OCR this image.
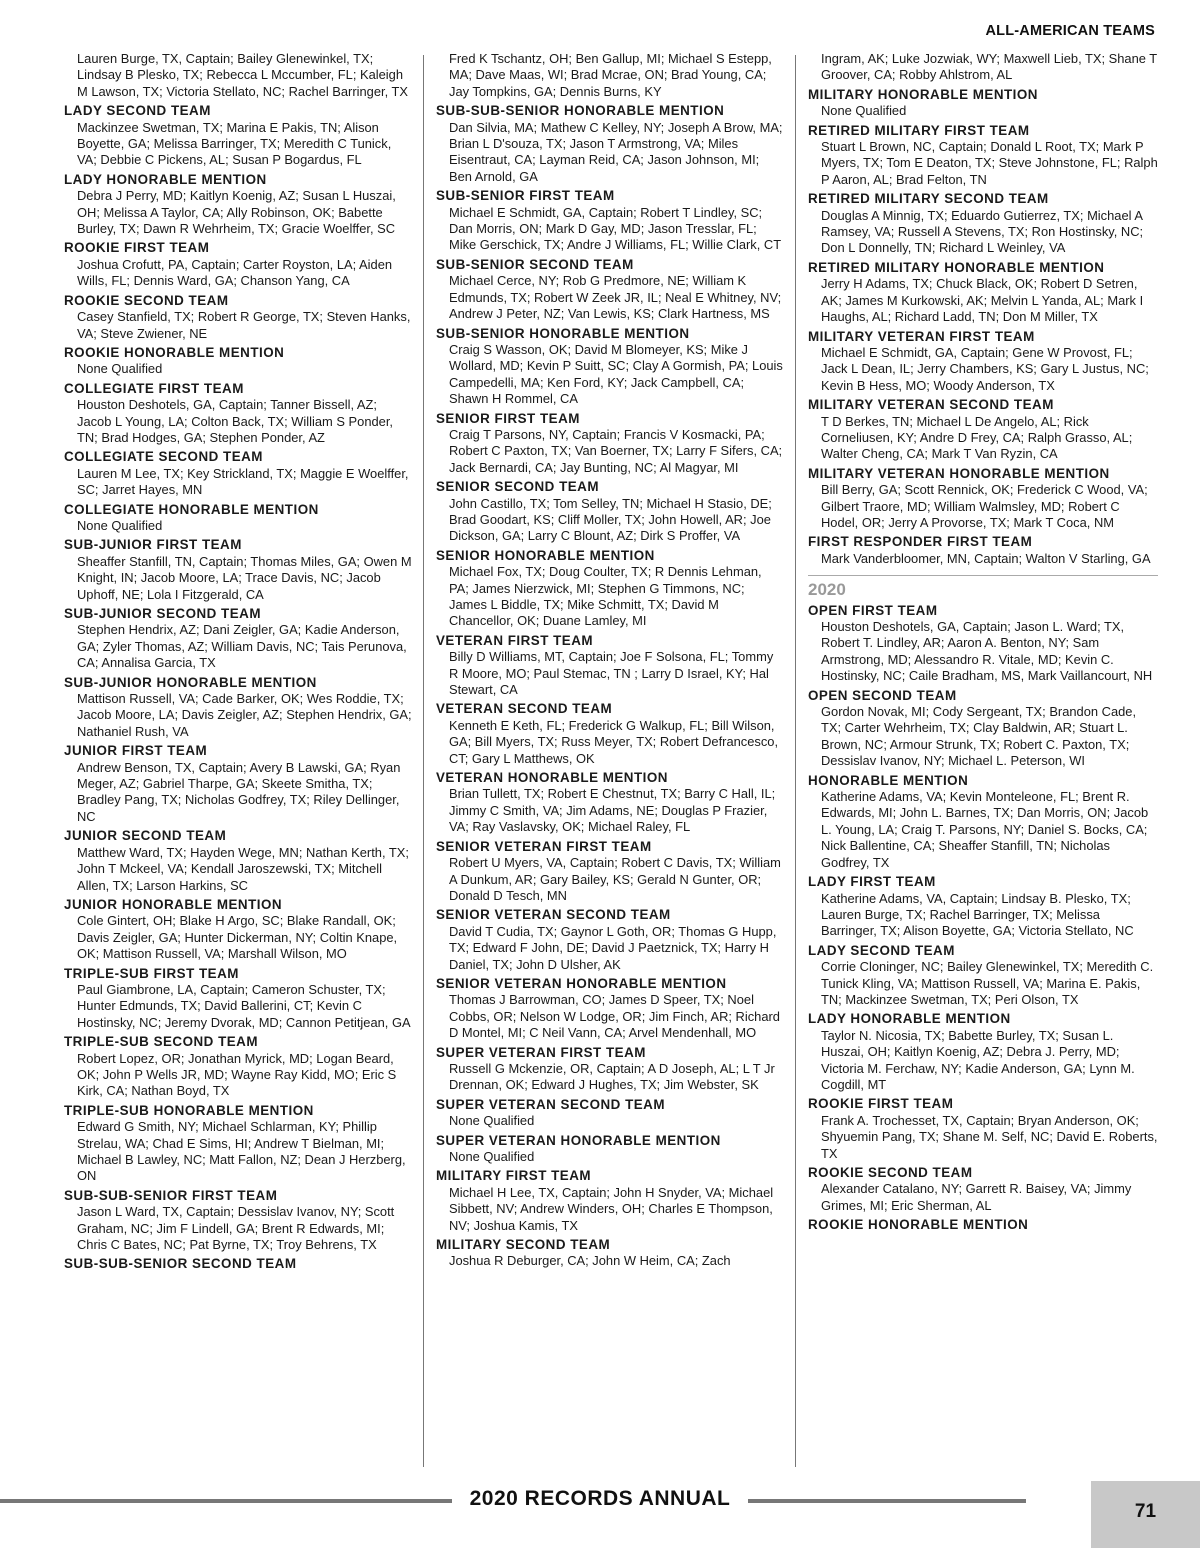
ALL-AMERICAN TEAMS
Lauren Burge, TX, Captain; Bailey Glenewinkel, TX; Lindsay B Plesko, TX; Rebecca L Mccumber, FL; Kaleigh M Lawson, TX; Victoria Stellato, NC; Rachel Barringer, TX
LADY SECOND TEAM
Mackinzee Swetman, TX; Marina E Pakis, TN; Alison Boyette, GA; Melissa Barringer, TX; Meredith C Tunick, VA; Debbie C Pickens, AL; Susan P Bogardus, FL
LADY HONORABLE MENTION
Debra J Perry, MD; Kaitlyn Koenig, AZ; Susan L Huszai, OH; Melissa A Taylor, CA; Ally Robinson, OK; Babette Burley, TX; Dawn R Wehrheim, TX; Gracie Woelffer, SC
ROOKIE FIRST TEAM
Joshua Crofutt, PA, Captain; Carter Royston, LA; Aiden Wills, FL; Dennis Ward, GA; Chanson Yang, CA
ROOKIE SECOND TEAM
Casey Stanfield, TX; Robert R George, TX; Steven Hanks, VA; Steve Zwiener, NE
ROOKIE HONORABLE MENTION
None Qualified
COLLEGIATE FIRST TEAM
Houston Deshotels, GA, Captain; Tanner Bissell, AZ; Jacob L Young, LA; Colton Back, TX; William S Ponder, TN; Brad Hodges, GA; Stephen Ponder, AZ
COLLEGIATE SECOND TEAM
Lauren M Lee, TX; Key Strickland, TX; Maggie E Woelffer, SC; Jarret Hayes, MN
COLLEGIATE HONORABLE MENTION
None Qualified
SUB-JUNIOR FIRST TEAM
Sheaffer Stanfill, TN, Captain; Thomas Miles, GA; Owen M Knight, IN; Jacob Moore, LA; Trace Davis, NC; Jacob Uphoff, NE; Lola I Fitzgerald, CA
SUB-JUNIOR SECOND TEAM
Stephen Hendrix, AZ; Dani Zeigler, GA; Kadie Anderson, GA; Zyler Thomas, AZ; William Davis, NC; Tais Perunova, CA; Annalisa Garcia, TX
SUB-JUNIOR HONORABLE MENTION
Mattison Russell, VA; Cade Barker, OK; Wes Roddie, TX; Jacob Moore, LA; Davis Zeigler, AZ; Stephen Hendrix, GA; Nathaniel Rush, VA
JUNIOR FIRST TEAM
Andrew Benson, TX, Captain; Avery B Lawski, GA; Ryan Meger, AZ; Gabriel Tharpe, GA; Skeete Smitha, TX; Bradley Pang, TX; Nicholas Godfrey, TX; Riley Dellinger, NC
JUNIOR SECOND TEAM
Matthew Ward, TX; Hayden Wege, MN; Nathan Kerth, TX; John T Mckeel, VA; Kendall Jaroszewski, TX; Mitchell Allen, TX; Larson Harkins, SC
JUNIOR HONORABLE MENTION
Cole Gintert, OH; Blake H Argo, SC; Blake Randall, OK; Davis Zeigler, GA; Hunter Dickerman, NY; Coltin Knape, OK; Mattison Russell, VA; Marshall Wilson, MO
TRIPLE-SUB FIRST TEAM
Paul Giambrone, LA, Captain; Cameron Schuster, TX; Hunter Edmunds, TX; David Ballerini, CT; Kevin C Hostinsky, NC; Jeremy Dvorak, MD; Cannon Petitjean, GA
TRIPLE-SUB SECOND TEAM
Robert Lopez, OR; Jonathan Myrick, MD; Logan Beard, OK; John P Wells JR, MD; Wayne Ray Kidd, MO; Eric S Kirk, CA; Nathan Boyd, TX
TRIPLE-SUB HONORABLE MENTION
Edward G Smith, NY; Michael Schlarman, KY; Phillip Strelau, WA; Chad E Sims, HI; Andrew T Bielman, MI; Michael B Lawley, NC; Matt Fallon, NZ; Dean J Herzberg, ON
SUB-SUB-SENIOR FIRST TEAM
Jason L Ward, TX, Captain; Dessislav Ivanov, NY; Scott Graham, NC; Jim F Lindell, GA; Brent R Edwards, MI; Chris C Bates, NC; Pat Byrne, TX; Troy Behrens, TX
SUB-SUB-SENIOR SECOND TEAM
Fred K Tschantz, OH; Ben Gallup, MI; Michael S Estepp, MA; Dave Maas, WI; Brad Mcrae, ON; Brad Young, CA; Jay Tompkins, GA; Dennis Burns, KY
SUB-SUB-SENIOR HONORABLE MENTION
Dan Silvia, MA; Mathew C Kelley, NY; Joseph A Brow, MA; Brian L D'souza, TX; Jason T Armstrong, VA; Miles Eisentraut, CA; Layman Reid, CA; Jason Johnson, MI; Ben Arnold, GA
SUB-SENIOR FIRST TEAM
Michael E Schmidt, GA, Captain; Robert T Lindley, SC; Dan Morris, ON; Mark D Gay, MD; Jason Tresslar, FL; Mike Gerschick, TX; Andre J Williams, FL; Willie Clark, CT
SUB-SENIOR SECOND TEAM
Michael Cerce, NY; Rob G Predmore, NE; William K Edmunds, TX; Robert W Zeek JR, IL; Neal E Whitney, NV; Andrew J Peter, NZ; Van Lewis, KS; Clark Hartness, MS
SUB-SENIOR HONORABLE MENTION
Craig S Wasson, OK; David M Blomeyer, KS; Mike J Wollard, MD; Kevin P Suitt, SC; Clay A Gormish, PA; Louis Campedelli, MA; Ken Ford, KY; Jack Campbell, CA; Shawn H Rommel, CA
SENIOR FIRST TEAM
Craig T Parsons, NY, Captain; Francis V Kosmacki, PA; Robert C Paxton, TX; Van Boerner, TX; Larry F Sifers, CA; Jack Bernardi, CA; Jay Bunting, NC; Al Magyar, MI
SENIOR SECOND TEAM
John Castillo, TX; Tom Selley, TN; Michael H Stasio, DE; Brad Goodart, KS; Cliff Moller, TX; John Howell, AR; Joe Dickson, GA; Larry C Blount, AZ; Dirk S Proffer, VA
SENIOR HONORABLE MENTION
Michael Fox, TX; Doug Coulter, TX; R Dennis Lehman, PA; James Nierzwick, MI; Stephen G Timmons, NC; James L Biddle, TX; Mike Schmitt, TX; David M Chancellor, OK; Duane Lamley, MI
VETERAN FIRST TEAM
Billy D Williams, MT, Captain; Joe F Solsona, FL; Tommy R Moore, MO; Paul Stemac, TN ; Larry D Israel, KY; Hal Stewart, CA
VETERAN SECOND TEAM
Kenneth E Keth, FL; Frederick G Walkup, FL; Bill Wilson, GA; Bill Myers, TX; Russ Meyer, TX; Robert Defrancesco, CT; Gary L Matthews, OK
VETERAN HONORABLE MENTION
Brian Tullett, TX; Robert E Chestnut, TX; Barry C Hall, IL; Jimmy C Smith, VA; Jim Adams, NE; Douglas P Frazier, VA; Ray Vaslavsky, OK; Michael Raley, FL
SENIOR VETERAN FIRST TEAM
Robert U Myers, VA, Captain; Robert C Davis, TX; William A Dunkum, AR; Gary Bailey, KS; Gerald N Gunter, OR; Donald D Tesch, MN
SENIOR VETERAN SECOND TEAM
David T Cudia, TX; Gaynor L Goth, OR; Thomas G Hupp, TX; Edward F John, DE; David J Paetznick, TX; Harry H Daniel, TX; John D Ulsher, AK
SENIOR VETERAN HONORABLE MENTION
Thomas J Barrowman, CO; James D Speer, TX; Noel Cobbs, OR; Nelson W Lodge, OR; Jim Finch, AR; Richard D Montel, MI; C Neil Vann, CA; Arvel Mendenhall, MO
SUPER VETERAN FIRST TEAM
Russell G Mckenzie, OR, Captain; A D Joseph, AL; L T Jr Drennan, OK; Edward J Hughes, TX; Jim Webster, SK
SUPER VETERAN SECOND TEAM
None Qualified
SUPER VETERAN HONORABLE MENTION
None Qualified
MILITARY FIRST TEAM
Michael H Lee, TX, Captain; John H Snyder, VA; Michael Sibbett, NV; Andrew Winders, OH; Charles E Thompson, NV; Joshua Kamis, TX
MILITARY SECOND TEAM
Joshua R Deburger, CA; John W Heim, CA; Zach
Ingram, AK; Luke Jozwiak, WY; Maxwell Lieb, TX; Shane T Groover, CA; Robby Ahlstrom, AL
MILITARY HONORABLE MENTION
None Qualified
RETIRED MILITARY FIRST TEAM
Stuart L Brown, NC, Captain; Donald L Root, TX; Mark P Myers, TX; Tom E Deaton, TX; Steve Johnstone, FL; Ralph P Aaron, AL; Brad Felton, TN
RETIRED MILITARY SECOND TEAM
Douglas A Minnig, TX; Eduardo Gutierrez, TX; Michael A Ramsey, VA; Russell A Stevens, TX; Ron Hostinsky, NC; Don L Donnelly, TN; Richard L Weinley, VA
RETIRED MILITARY HONORABLE MENTION
Jerry H Adams, TX; Chuck Black, OK; Robert D Setren, AK; James M Kurkowski, AK; Melvin L Yanda, AL; Mark I Haughs, AL; Richard Ladd, TN; Don M Miller, TX
MILITARY VETERAN FIRST TEAM
Michael E Schmidt, GA, Captain; Gene W Provost, FL; Jack L Dean, IL; Jerry Chambers, KS; Gary L Justus, NC; Kevin B Hess, MO; Woody Anderson, TX
MILITARY VETERAN SECOND TEAM
T D Berkes, TN; Michael L De Angelo, AL; Rick Corneliusen, KY; Andre D Frey, CA; Ralph Grasso, AL; Walter Cheng, CA; Mark T Van Ryzin, CA
MILITARY VETERAN HONORABLE MENTION
Bill Berry, GA; Scott Rennick, OK; Frederick C Wood, VA; Gilbert Traore, MD; William Walmsley, MD; Robert C Hodel, OR; Jerry A Provorse, TX; Mark T Coca, NM
FIRST RESPONDER FIRST TEAM
Mark Vanderbloomer, MN, Captain; Walton V Starling, GA
2020
OPEN FIRST TEAM
Houston Deshotels, GA, Captain; Jason L. Ward; TX, Robert T. Lindley, AR; Aaron A. Benton, NY; Sam Armstrong, MD; Alessandro R. Vitale, MD; Kevin C. Hostinsky, NC; Caile Bradham, MS, Mark Vaillancourt, NH
OPEN SECOND TEAM
Gordon Novak, MI; Cody Sergeant, TX; Brandon Cade, TX; Carter Wehrheim, TX; Clay Baldwin, AR; Stuart L. Brown, NC; Armour Strunk, TX; Robert C. Paxton, TX; Dessislav Ivanov, NY; Michael L. Peterson, WI
HONORABLE MENTION
Katherine Adams, VA; Kevin Monteleone, FL; Brent R. Edwards, MI; John L. Barnes, TX; Dan Morris, ON; Jacob L. Young, LA; Craig T. Parsons, NY; Daniel S. Bocks, CA; Nick Ballentine, CA; Sheaffer Stanfill, TN; Nicholas Godfrey, TX
LADY FIRST TEAM
Katherine Adams, VA, Captain; Lindsay B. Plesko, TX; Lauren Burge, TX; Rachel Barringer, TX; Melissa Barringer, TX; Alison Boyette, GA; Victoria Stellato, NC
LADY SECOND TEAM
Corrie Cloninger, NC; Bailey Glenewinkel, TX; Meredith C. Tunick Kling, VA; Mattison Russell, VA; Marina E. Pakis, TN; Mackinzee Swetman, TX; Peri Olson, TX
LADY HONORABLE MENTION
Taylor N. Nicosia, TX; Babette Burley, TX; Susan L. Huszai, OH; Kaitlyn Koenig, AZ; Debra J. Perry, MD; Victoria M. Ferchaw, NY; Kadie Anderson, GA; Lynn M. Cogdill, MT
ROOKIE FIRST TEAM
Frank A. Trochesset, TX, Captain; Bryan Anderson, OK; Shyuemin Pang, TX; Shane M. Self, NC; David E. Roberts, TX
ROOKIE SECOND TEAM
Alexander Catalano, NY; Garrett R. Baisey, VA; Jimmy Grimes, MI; Eric Sherman, AL
ROOKIE HONORABLE MENTION
2020 RECORDS ANNUAL
71
